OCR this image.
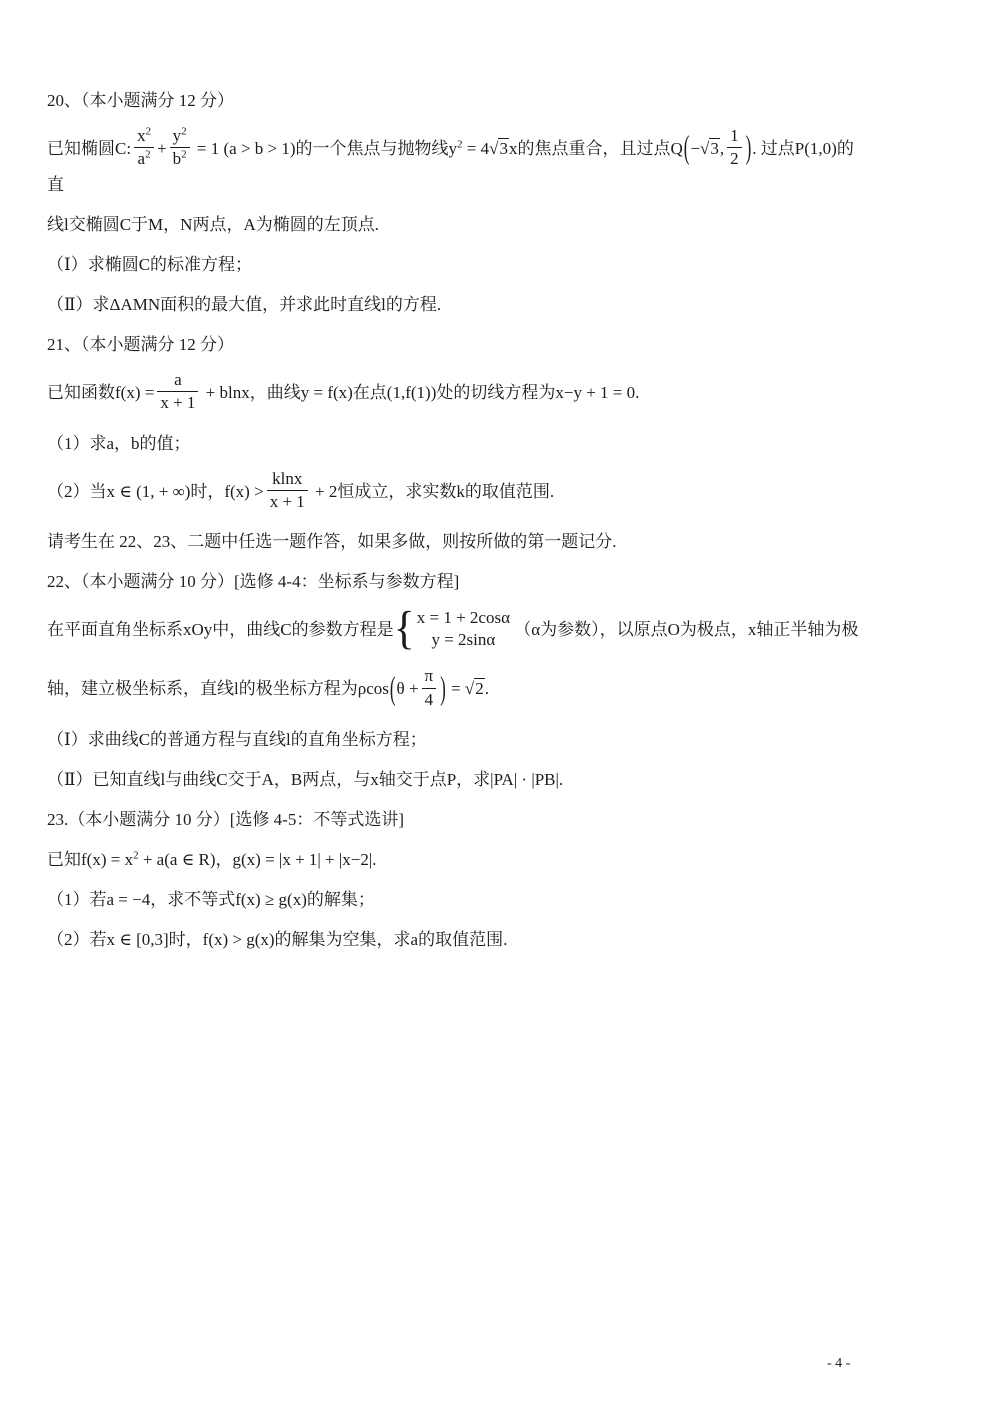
20、（本小题满分 12 分）

已知椭圆C: $\frac{x^2}{a^2} + \frac{y^2}{b^2} = 1$ (a > b > 1)的一个焦点与抛物线$y^2 = 4√3x$的焦点重合，且过点Q(−√3, $\frac{1}{2}$ ). 过点P(1,0)的直

线l交椭圆C于M，N两点，A为椭圆的左顶点.

（Ⅰ）求椭圆C的标准方程；

（Ⅱ）求ΔAMN面积的最大值，并求此时直线l的方程.

21、（本小题满分 12 分）

已知函数$f(x) = \frac{a}{x + 1} + blnx$，曲线y = f(x)在点(1,f(1))处的切线方程为x−y + 1 = 0.

（1）求a，b的值；

（2）当x ∈ (1, + ∞)时，$f(x) > \frac{klnx}{x + 1} + 2$恒成立，求实数k的取值范围.

请考生在 22、23、二题中任选一题作答，如果多做，则按所做的第一题记分.

22、（本小题满分 10 分）[选修 4-4：坐标系与参数方程]

在平面直角坐标系xOy中，曲线C的参数方程是 { x = 1 + 2cosα
y = 2sinα
（α为参数），以原点O为极点，x轴正半轴为极

轴，建立极坐标系，直线l的极坐标方程为$\rho\cos(\theta + \frac{\pi}{4}$ ) = √2.

（Ⅰ）求曲线C的普通方程与直线l的直角坐标方程；

（Ⅱ）已知直线l与曲线C交于A，B两点，与x轴交于点P，求|PA| · |PB|.

23.（本小题满分 10 分）[选修 4-5：不等式选讲]

已知$f(x) = x^2 + a(a$ ∈ R)，g(x) = |x + 1| + |x−2|.

（1）若a = −4，求不等式f(x) ≥ g(x)的解集；

（2）若x ∈ [0,3]时，f(x) > g(x)的解集为空集，求a的取值范围.

- 4 -
